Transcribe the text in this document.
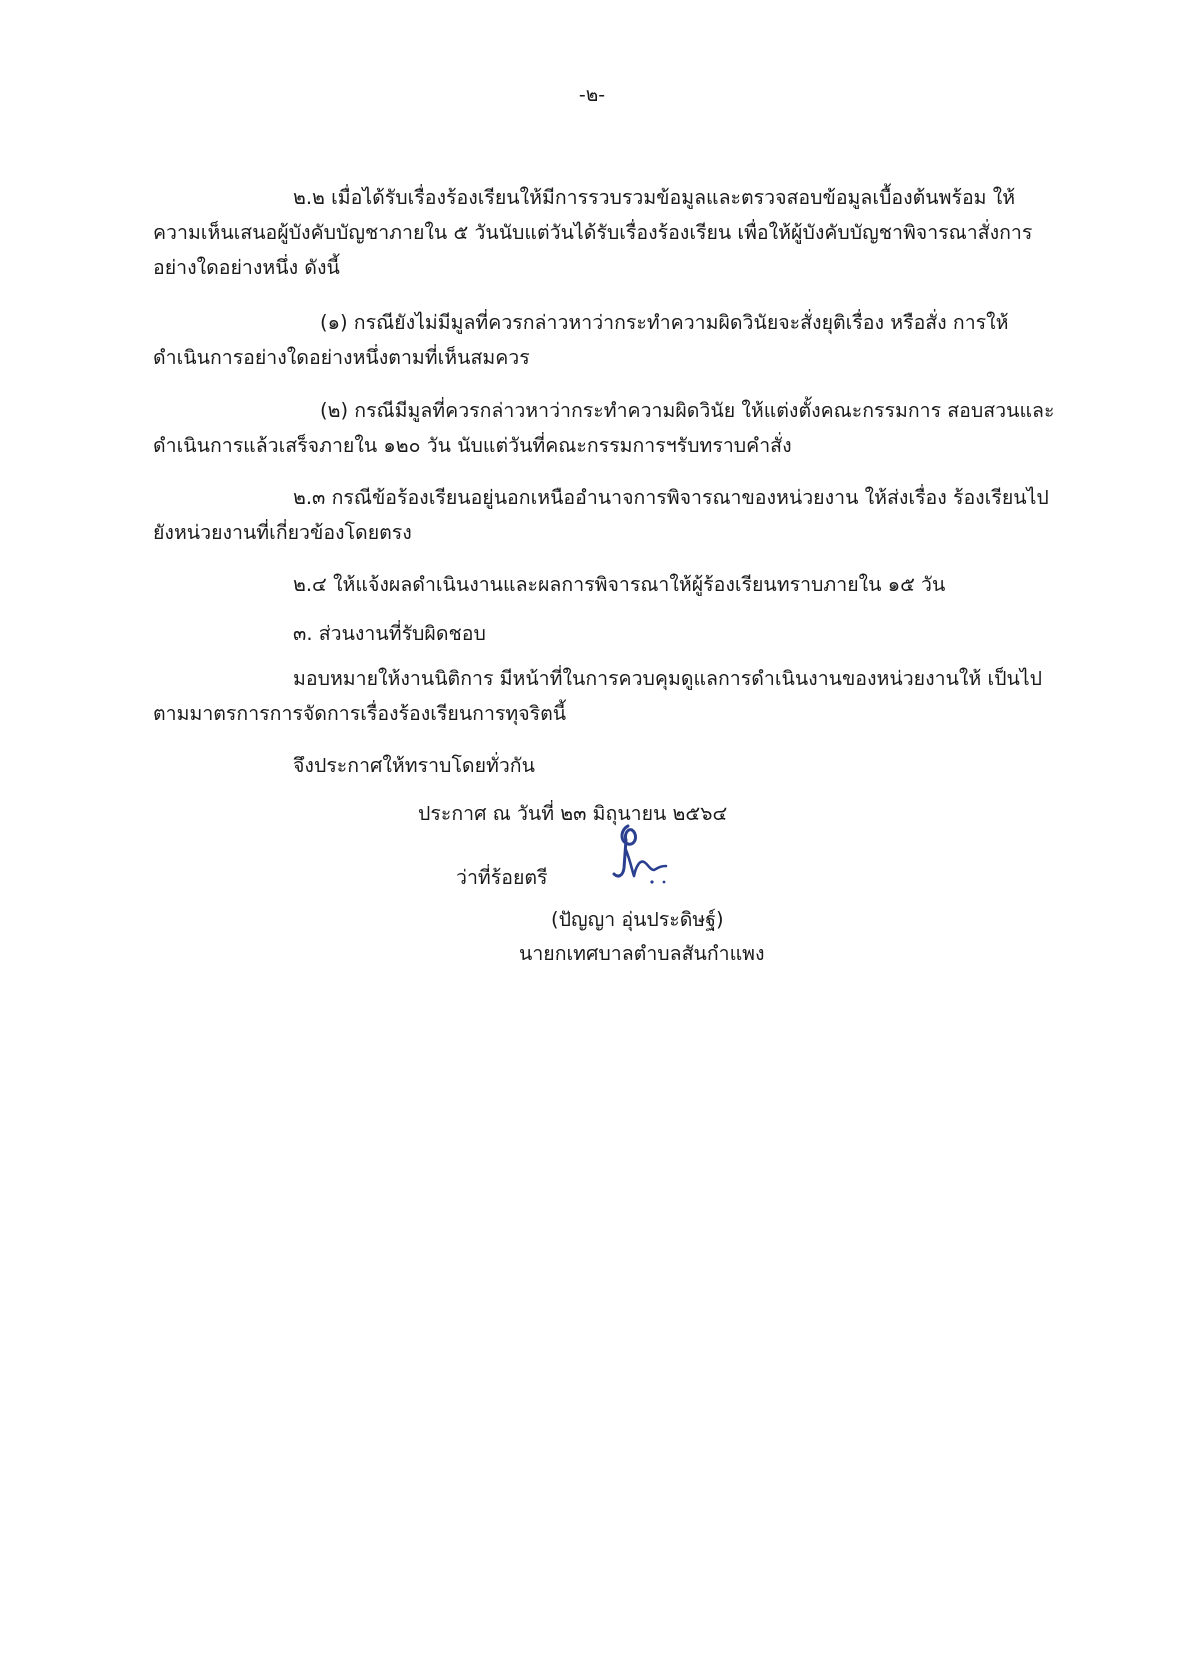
-๒-
๒.๒ เมื่อได้รับเรื่องร้องเรียนให้มีการรวบรวมข้อมูลและตรวจสอบข้อมูลเบื้องต้นพร้อม ให้
ความเห็นเสนอผู้บังคับบัญชาภายใน ๕ วันนับแต่วันได้รับเรื่องร้องเรียน เพื่อให้ผู้บังคับบัญชาพิจารณาสั่งการ
อย่างใดอย่างหนึ่ง ดังนี้
(๑) กรณียังไม่มีมูลที่ควรกล่าวหาว่ากระทำความผิดวินัยจะสั่งยุติเรื่อง หรือสั่ง การให้
ดำเนินการอย่างใดอย่างหนึ่งตามที่เห็นสมควร
(๒) กรณีมีมูลที่ควรกล่าวหาว่ากระทำความผิดวินัย ให้แต่งตั้งคณะกรรมการ สอบสวนและ
ดำเนินการแล้วเสร็จภายใน ๑๒๐ วัน นับแต่วันที่คณะกรรมการฯรับทราบคำสั่ง
๒.๓ กรณีข้อร้องเรียนอยู่นอกเหนืออำนาจการพิจารณาของหน่วยงาน ให้ส่งเรื่อง ร้องเรียนไป
ยังหน่วยงานที่เกี่ยวข้องโดยตรง
๒.๔ ให้แจ้งผลดำเนินงานและผลการพิจารณาให้ผู้ร้องเรียนทราบภายใน ๑๕ วัน
๓. ส่วนงานที่รับผิดชอบ
มอบหมายให้งานนิติการ มีหน้าที่ในการควบคุมดูแลการดำเนินงานของหน่วยงานให้ เป็นไป
ตามมาตรการการจัดการเรื่องร้องเรียนการทุจริตนี้
จึงประกาศให้ทราบโดยทั่วกัน
ประกาศ ณ วันที่ ๒๓ มิถุนายน ๒๕๖๔
ว่าที่ร้อยตรี
(ปัญญา อุ่นประดิษฐ์)
นายกเทศบาลตำบลสันกำแพง
